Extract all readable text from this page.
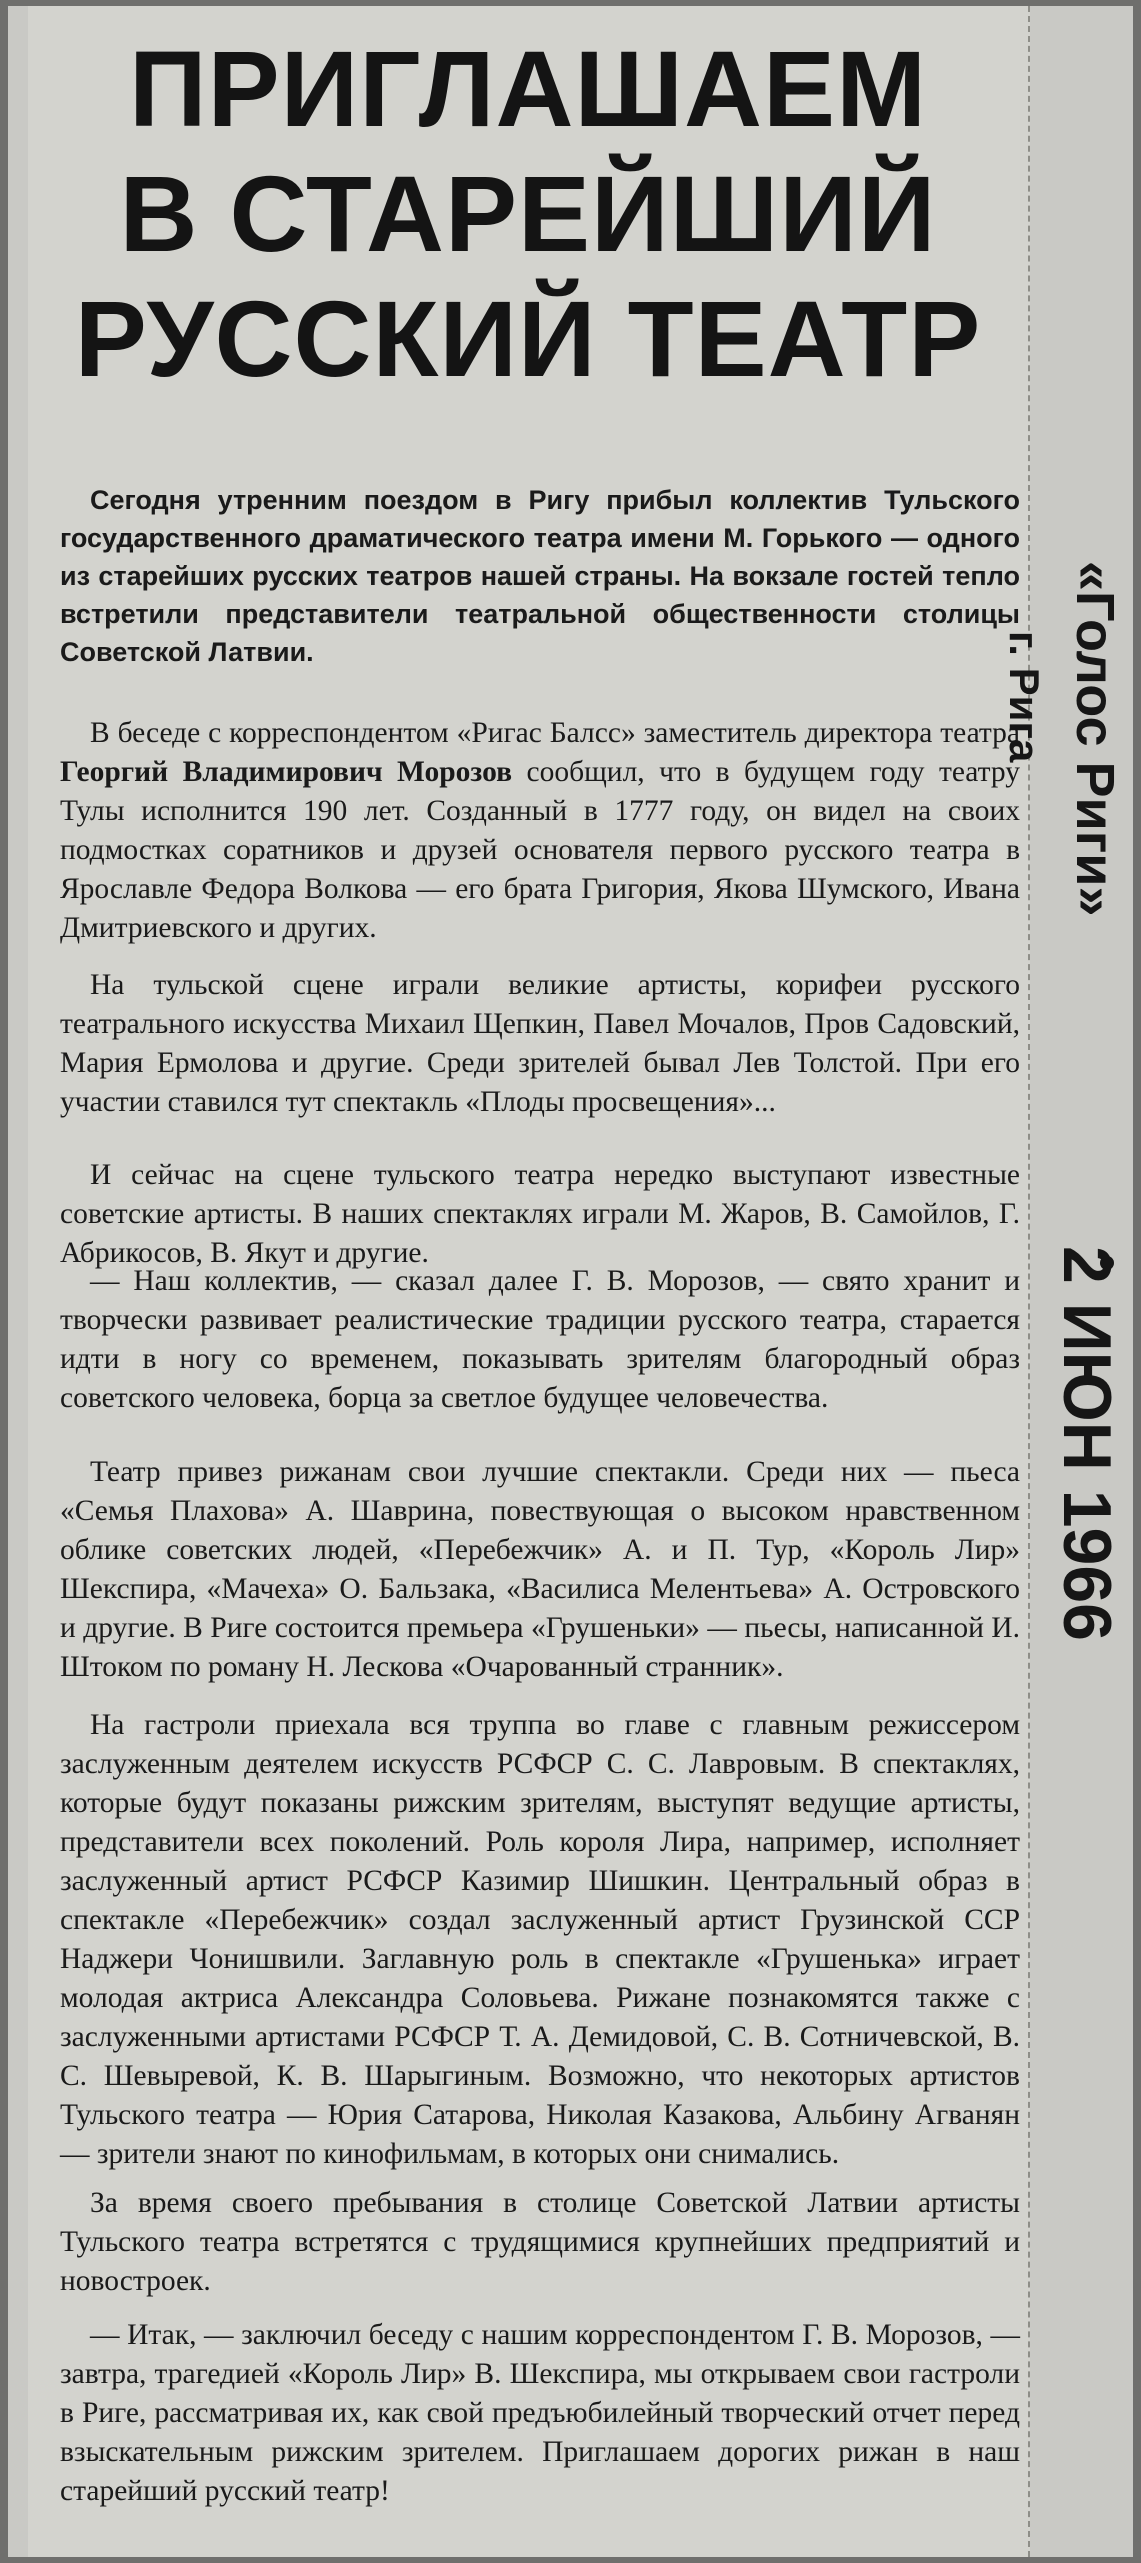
ПРИГЛАШАЕМ
В СТАРЕЙШИЙ
РУССКИЙ ТЕАТР

Сегодня утренним поездом в Ригу прибыл коллектив Тульского государственного драматического театра имени М. Горького — одного из старейших русских театров нашей страны. На вокзале гостей тепло встретили представители театральной общественности столицы Советской Латвии.

В беседе с корреспондентом «Ригас Балсс» заместитель директора театра Георгий Владимирович Морозов сообщил, что в будущем году театру Тулы исполнится 190 лет. Созданный в 1777 году, он видел на своих подмостках соратников и друзей основателя первого русского театра в Ярославле Федора Волкова — его брата Григория, Якова Шумского, Ивана Дмитриевского и других.

На тульской сцене играли великие артисты, корифеи русского театрального искусства Михаил Щепкин, Павел Мочалов, Пров Садовский, Мария Ермолова и другие. Среди зрителей бывал Лев Толстой. При его участии ставился тут спектакль «Плоды просвещения»...

И сейчас на сцене тульского театра нередко выступают известные советские артисты. В наших спектаклях играли М. Жаров, В. Самойлов, Г. Абрикосов, В. Якут и другие.

— Наш коллектив, — сказал далее Г. В. Морозов, — свято хранит и творчески развивает реалистические традиции русского театра, старается идти в ногу со временем, показывать зрителям благородный образ советского человека, борца за светлое будущее человечества.

Театр привез рижанам свои лучшие спектакли. Среди них — пьеса «Семья Плахова» А. Шаврина, повествующая о высоком нравственном облике советских людей, «Перебежчик» А. и П. Тур, «Король Лир» Шекспира, «Мачеха» О. Бальзака, «Василиса Мелентьева» А. Островского и другие. В Риге состоится премьера «Грушеньки» — пьесы, написанной И. Штоком по роману Н. Лескова «Очарованный странник».

На гастроли приехала вся труппа во главе с главным режиссером заслуженным деятелем искусств РСФСР С. С. Лавровым. В спектаклях, которые будут показаны рижским зрителям, выступят ведущие артисты, представители всех поколений. Роль короля Лира, например, исполняет заслуженный артист РСФСР Казимир Шишкин. Центральный образ в спектакле «Перебежчик» создал заслуженный артист Грузинской ССР Наджери Чонишвили. Заглавную роль в спектакле «Грушенька» играет молодая актриса Александра Соловьева. Рижане познакомятся также с заслуженными артистами РСФСР Т. А. Демидовой, С. В. Сотничевской, В. С. Шевыревой, К. В. Шарыгиным. Возможно, что некоторых артистов Тульского театра — Юрия Сатарова, Николая Казакова, Альбину Агванян — зрители знают по кинофильмам, в которых они снимались.

За время своего пребывания в столице Советской Латвии артисты Тульского театра встретятся с трудящимися крупнейших предприятий и новостроек.

— Итак, — заключил беседу с нашим корреспондентом Г. В. Морозов, — завтра, трагедией «Король Лир» В. Шекспира, мы открываем свои гастроли в Риге, рассматривая их, как свой предъюбилейный творческий отчет перед взыскательным рижским зрителем. Приглашаем дорогих рижан в наш старейший русский театр!

«Голос Риги»
г. Рига
2 ИЮН 1966
